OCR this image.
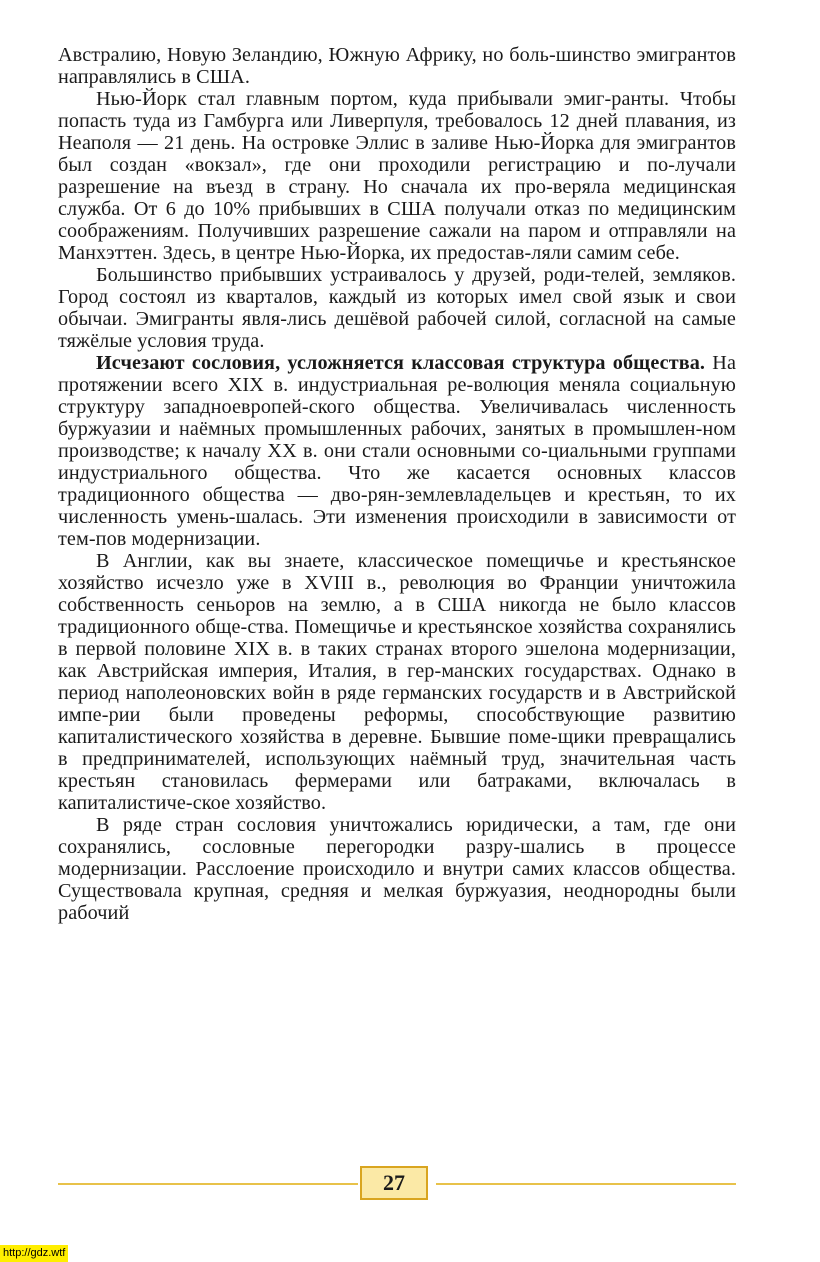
Австралию, Новую Зеландию, Южную Африку, но боль-шинство эмигрантов направлялись в США.

Нью-Йорк стал главным портом, куда прибывали эмиг-ранты. Чтобы попасть туда из Гамбурга или Ливерпуля, требовалось 12 дней плавания, из Неаполя — 21 день. На островке Эллис в заливе Нью-Йорка для эмигрантов был создан «вокзал», где они проходили регистрацию и по-лучали разрешение на въезд в страну. Но сначала их про-веряла медицинская служба. От 6 до 10% прибывших в США получали отказ по медицинским соображениям. Получивших разрешение сажали на паром и отправляли на Манхэттен. Здесь, в центре Нью-Йорка, их предостав-ляли самим себе.

Большинство прибывших устраивалось у друзей, роди-телей, земляков. Город состоял из кварталов, каждый из которых имел свой язык и свои обычаи. Эмигранты явля-лись дешёвой рабочей силой, согласной на самые тяжёлые условия труда.

Исчезают сословия, усложняется классовая структура общества. На протяжении всего XIX в. индустриальная ре-волюция меняла социальную структуру западноевропей-ского общества. Увеличивалась численность буржуазии и наёмных промышленных рабочих, занятых в промышлен-ном производстве; к началу XX в. они стали основными со-циальными группами индустриального общества. Что же касается основных классов традиционного общества — дво-рян-землевладельцев и крестьян, то их численность умень-шалась. Эти изменения происходили в зависимости от тем-пов модернизации.

В Англии, как вы знаете, классическое помещичье и крестьянское хозяйство исчезло уже в XVIII в., революция во Франции уничтожила собственность сеньоров на землю, а в США никогда не было классов традиционного обще-ства. Помещичье и крестьянское хозяйства сохранялись в первой половине XIX в. в таких странах второго эшелона модернизации, как Австрийская империя, Италия, в гер-манских государствах. Однако в период наполеоновских войн в ряде германских государств и в Австрийской импе-рии были проведены реформы, способствующие развитию капиталистического хозяйства в деревне. Бывшие поме-щики превращались в предпринимателей, использующих наёмный труд, значительная часть крестьян становилась фермерами или батраками, включалась в капиталистиче-ское хозяйство.

В ряде стран сословия уничтожались юридически, а там, где они сохранялись, сословные перегородки разру-шались в процессе модернизации. Расслоение происходило и внутри самих классов общества. Существовала крупная, средняя и мелкая буржуазия, неоднородны были рабочий

27
http://gdz.wtf
